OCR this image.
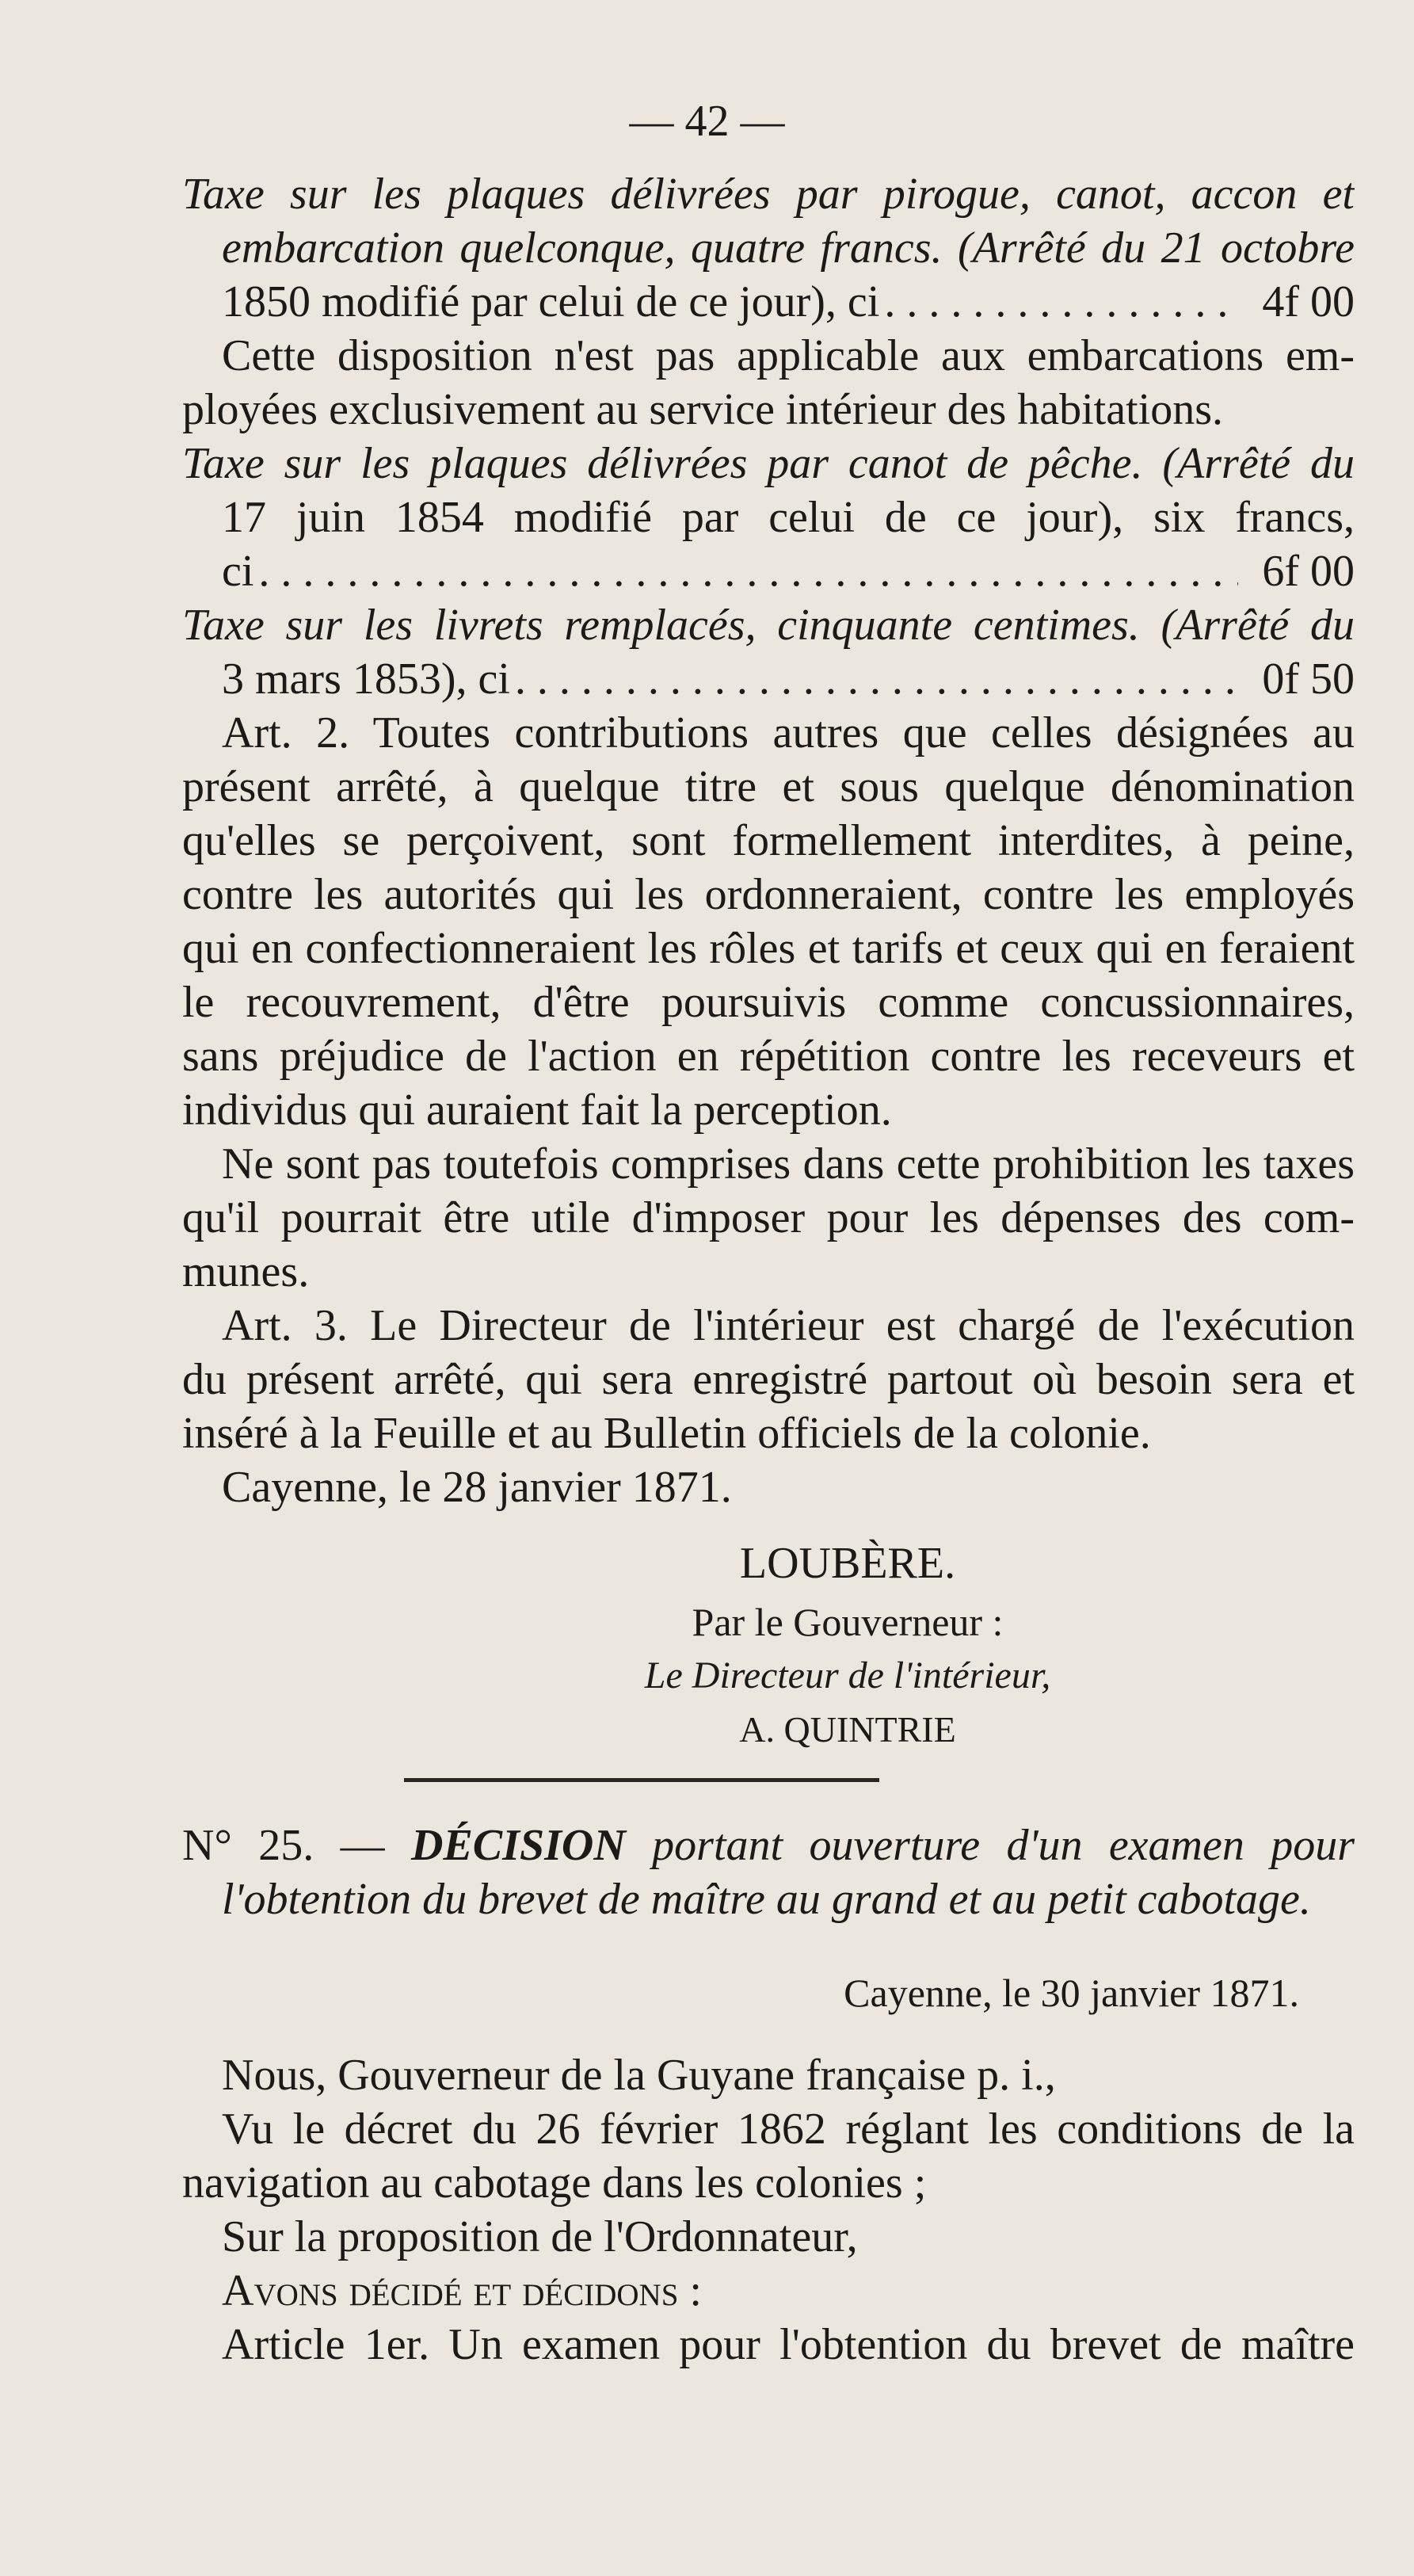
— 42 —
Taxe sur les plaques délivrées par pirogue, canot, accon et
embarcation quelconque, quatre francs. (Arrêté du 21 octobre
1850 modifié par celui de ce jour), ci . . .	4f 00
Cette disposition n'est pas applicable aux embarcations em-
ployées exclusivement au service intérieur des habitations.
Taxe sur les plaques délivrées par canot de pêche. (Arrêté du
17 juin 1854 modifié par celui de ce jour), six francs,
ci . . .	6f 00
Taxe sur les livrets remplacés, cinquante centimes. (Arrêté du
3 mars 1853), ci . . .	0f 50
Art. 2. Toutes contributions autres que celles désignées au
présent arrêté, à quelque titre et sous quelque dénomination
qu'elles se perçoivent, sont formellement interdites, à peine,
contre les autorités qui les ordonneraient, contre les employés
qui en confectionneraient les rôles et tarifs et ceux qui en feraient
le recouvrement, d'être poursuivis comme concussionnaires,
sans préjudice de l'action en répétition contre les receveurs et
individus qui auraient fait la perception.
Ne sont pas toutefois comprises dans cette prohibition les taxes
qu'il pourrait être utile d'imposer pour les dépenses des com-
munes.
Art. 3. Le Directeur de l'intérieur est chargé de l'exécution
du présent arrêté, qui sera enregistré partout où besoin sera et
inséré à la Feuille et au Bulletin officiels de la colonie.
Cayenne, le 28 janvier 1871.
LOUBÈRE.
Par le Gouverneur :
Le Directeur de l'intérieur,
A. QUINTRIE
N° 25. — DÉCISION portant ouverture d'un examen pour
l'obtention du brevet de maître au grand et au petit cabotage.
Cayenne, le 30 janvier 1871.
Nous, Gouverneur de la Guyane française p. i.,
Vu le décret du 26 février 1862 réglant les conditions de la
navigation au cabotage dans les colonies ;
Sur la proposition de l'Ordonnateur,
Avons décidé et décidons :
Article 1er. Un examen pour l'obtention du brevet de maître
